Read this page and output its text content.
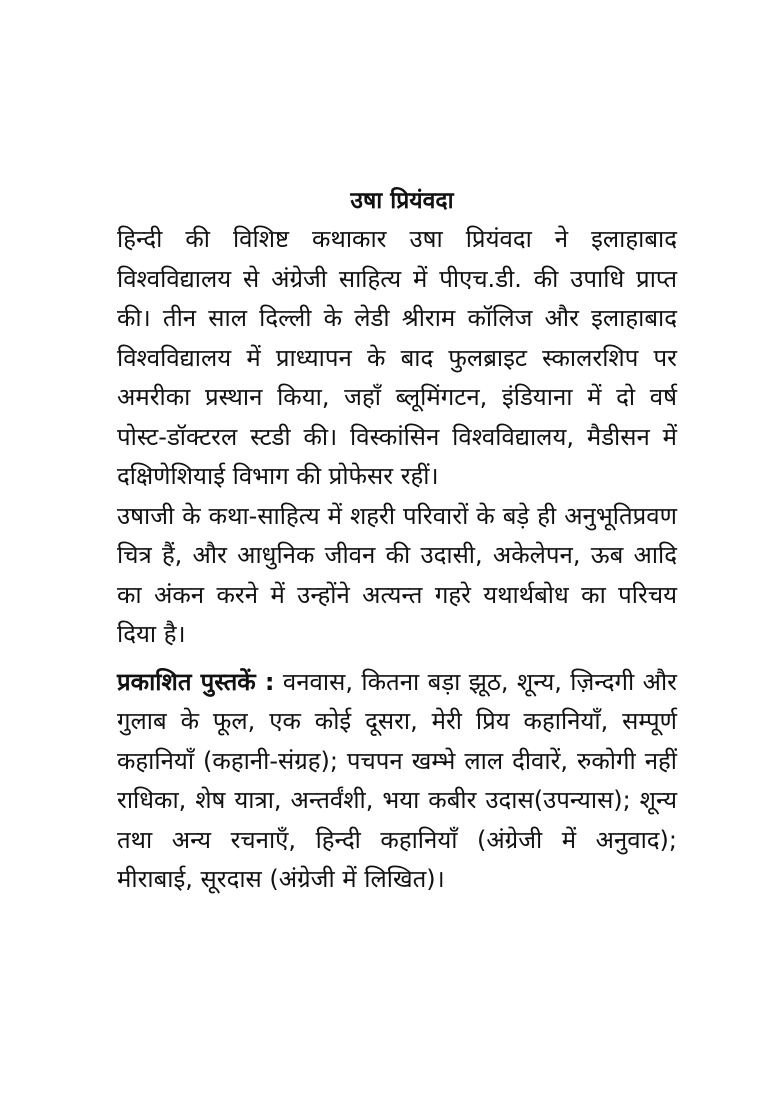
उषा प्रियंवदा

हिन्दी की विशिष्ट कथाकार उषा प्रियंवदा ने इलाहाबाद विश्वविद्यालय से अंग्रेजी साहित्य में पीएच.डी. की उपाधि प्राप्त की। तीन साल दिल्ली के लेडी श्रीराम कॉलिज और इलाहाबाद विश्वविद्यालय में प्राध्यापन के बाद फुलब्राइट स्कालरशिप पर अमरीका प्रस्थान किया, जहाँ ब्लूमिंगटन, इंडियाना में दो वर्ष पोस्ट-डॉक्टरल स्टडी की। विस्कांसिन विश्वविद्यालय, मैडीसन में दक्षिणेशियाई विभाग की प्रोफेसर रहीं।

उषाजी के कथा-साहित्य में शहरी परिवारों के बड़े ही अनुभूतिप्रवण चित्र हैं, और आधुनिक जीवन की उदासी, अकेलेपन, ऊब आदि का अंकन करने में उन्होंने अत्यन्त गहरे यथार्थबोध का परिचय दिया है।

प्रकाशित पुस्तकें : वनवास, कितना बड़ा झूठ, शून्य, ज़िन्दगी और गुलाब के फूल, एक कोई दूसरा, मेरी प्रिय कहानियाँ, सम्पूर्ण कहानियाँ (कहानी-संग्रह); पचपन खम्भे लाल दीवारें, रुकोगी नहीं राधिका, शेष यात्रा, अन्तर्वंशी, भया कबीर उदास(उपन्यास); शून्य तथा अन्य रचनाएँ, हिन्दी कहानियाँ (अंग्रेजी में अनुवाद); मीराबाई, सूरदास (अंग्रेजी में लिखित)।
